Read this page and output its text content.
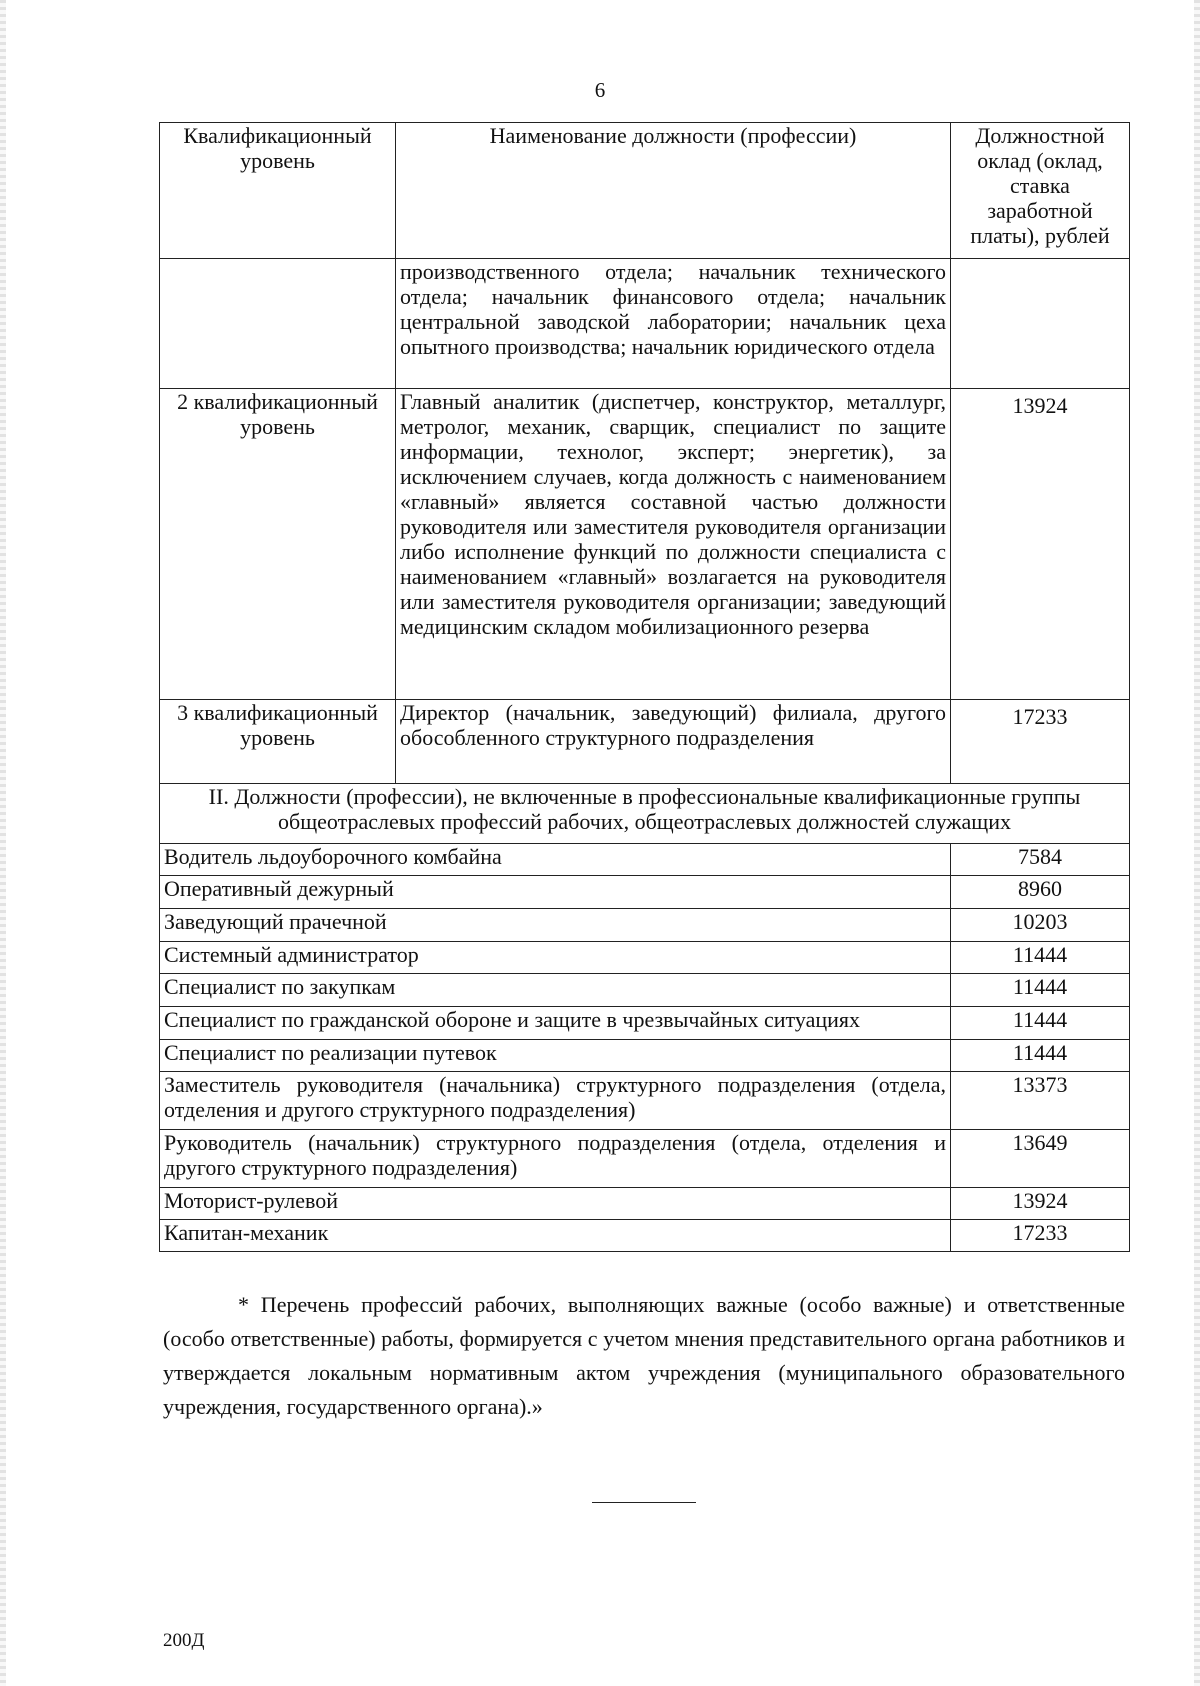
6
Квалификационный уровень	Наименование должности (профессии)	Должностной оклад (оклад, ставка заработной платы), рублей
	производственного отдела; начальник технического отдела; начальник финансового отдела; начальник центральной заводской лаборатории; начальник цеха опытного производства; начальник юридического отдела	
2 квалификационный уровень	Главный аналитик (диспетчер, конструктор, металлург, метролог, механик, сварщик, специалист по защите информации, технолог, эксперт; энергетик), за исключением случаев, когда должность с наименованием «главный» является составной частью должности руководителя или заместителя руководителя организации либо исполнение функций по должности специалиста с наименованием «главный» возлагается на руководителя или заместителя руководителя организации; заведующий медицинским складом мобилизационного резерва	13924
3 квалификационный уровень	Директор (начальник, заведующий) филиала, другого обособленного структурного подразделения	17233
II. Должности (профессии), не включенные в профессиональные квалификационные группы общеотраслевых профессий рабочих, общеотраслевых должностей служащих		
Водитель льдоуборочного комбайна		7584
Оперативный дежурный		8960
Заведующий прачечной		10203
Системный администратор		11444
Специалист по закупкам		11444
Специалист по гражданской обороне и защите в чрезвычайных ситуациях		11444
Специалист по реализации путевок		11444
Заместитель руководителя (начальника) структурного подразделения (отдела, отделения и другого структурного подразделения)		13373
Руководитель (начальник) структурного подразделения (отдела, отделения и другого структурного подразделения)		13649
Моторист-рулевой		13924
Капитан-механик		17233
* Перечень профессий рабочих, выполняющих важные (особо важные) и ответственные (особо ответственные) работы, формируется с учетом мнения представительного органа работников и утверждается локальным нормативным актом учреждения (муниципального образовательного учреждения, государственного органа).»
200Д
